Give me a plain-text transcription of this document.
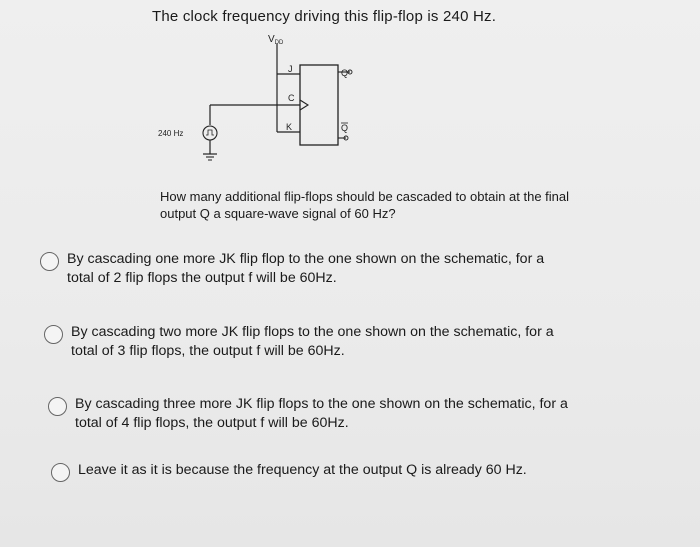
The clock frequency driving this flip-flop is 240 Hz.
$V_{DD}$
J
C
K
Q
Q
240 Hz
How many additional flip-flops should be cascaded to obtain at the final
output Q a square-wave signal of 60 Hz?
By cascading one more JK flip flop to the one shown on the schematic, for a
total of 2 flip flops the output f will be 60Hz.
By cascading two more JK flip flops to the one shown on the schematic, for a
total of 3 flip flops, the output f will be 60Hz.
By cascading three more JK flip flops to the one shown on the schematic, for a
total of 4 flip flops, the output f will be 60Hz.
Leave it as it is because the frequency at the output Q is already 60 Hz.
